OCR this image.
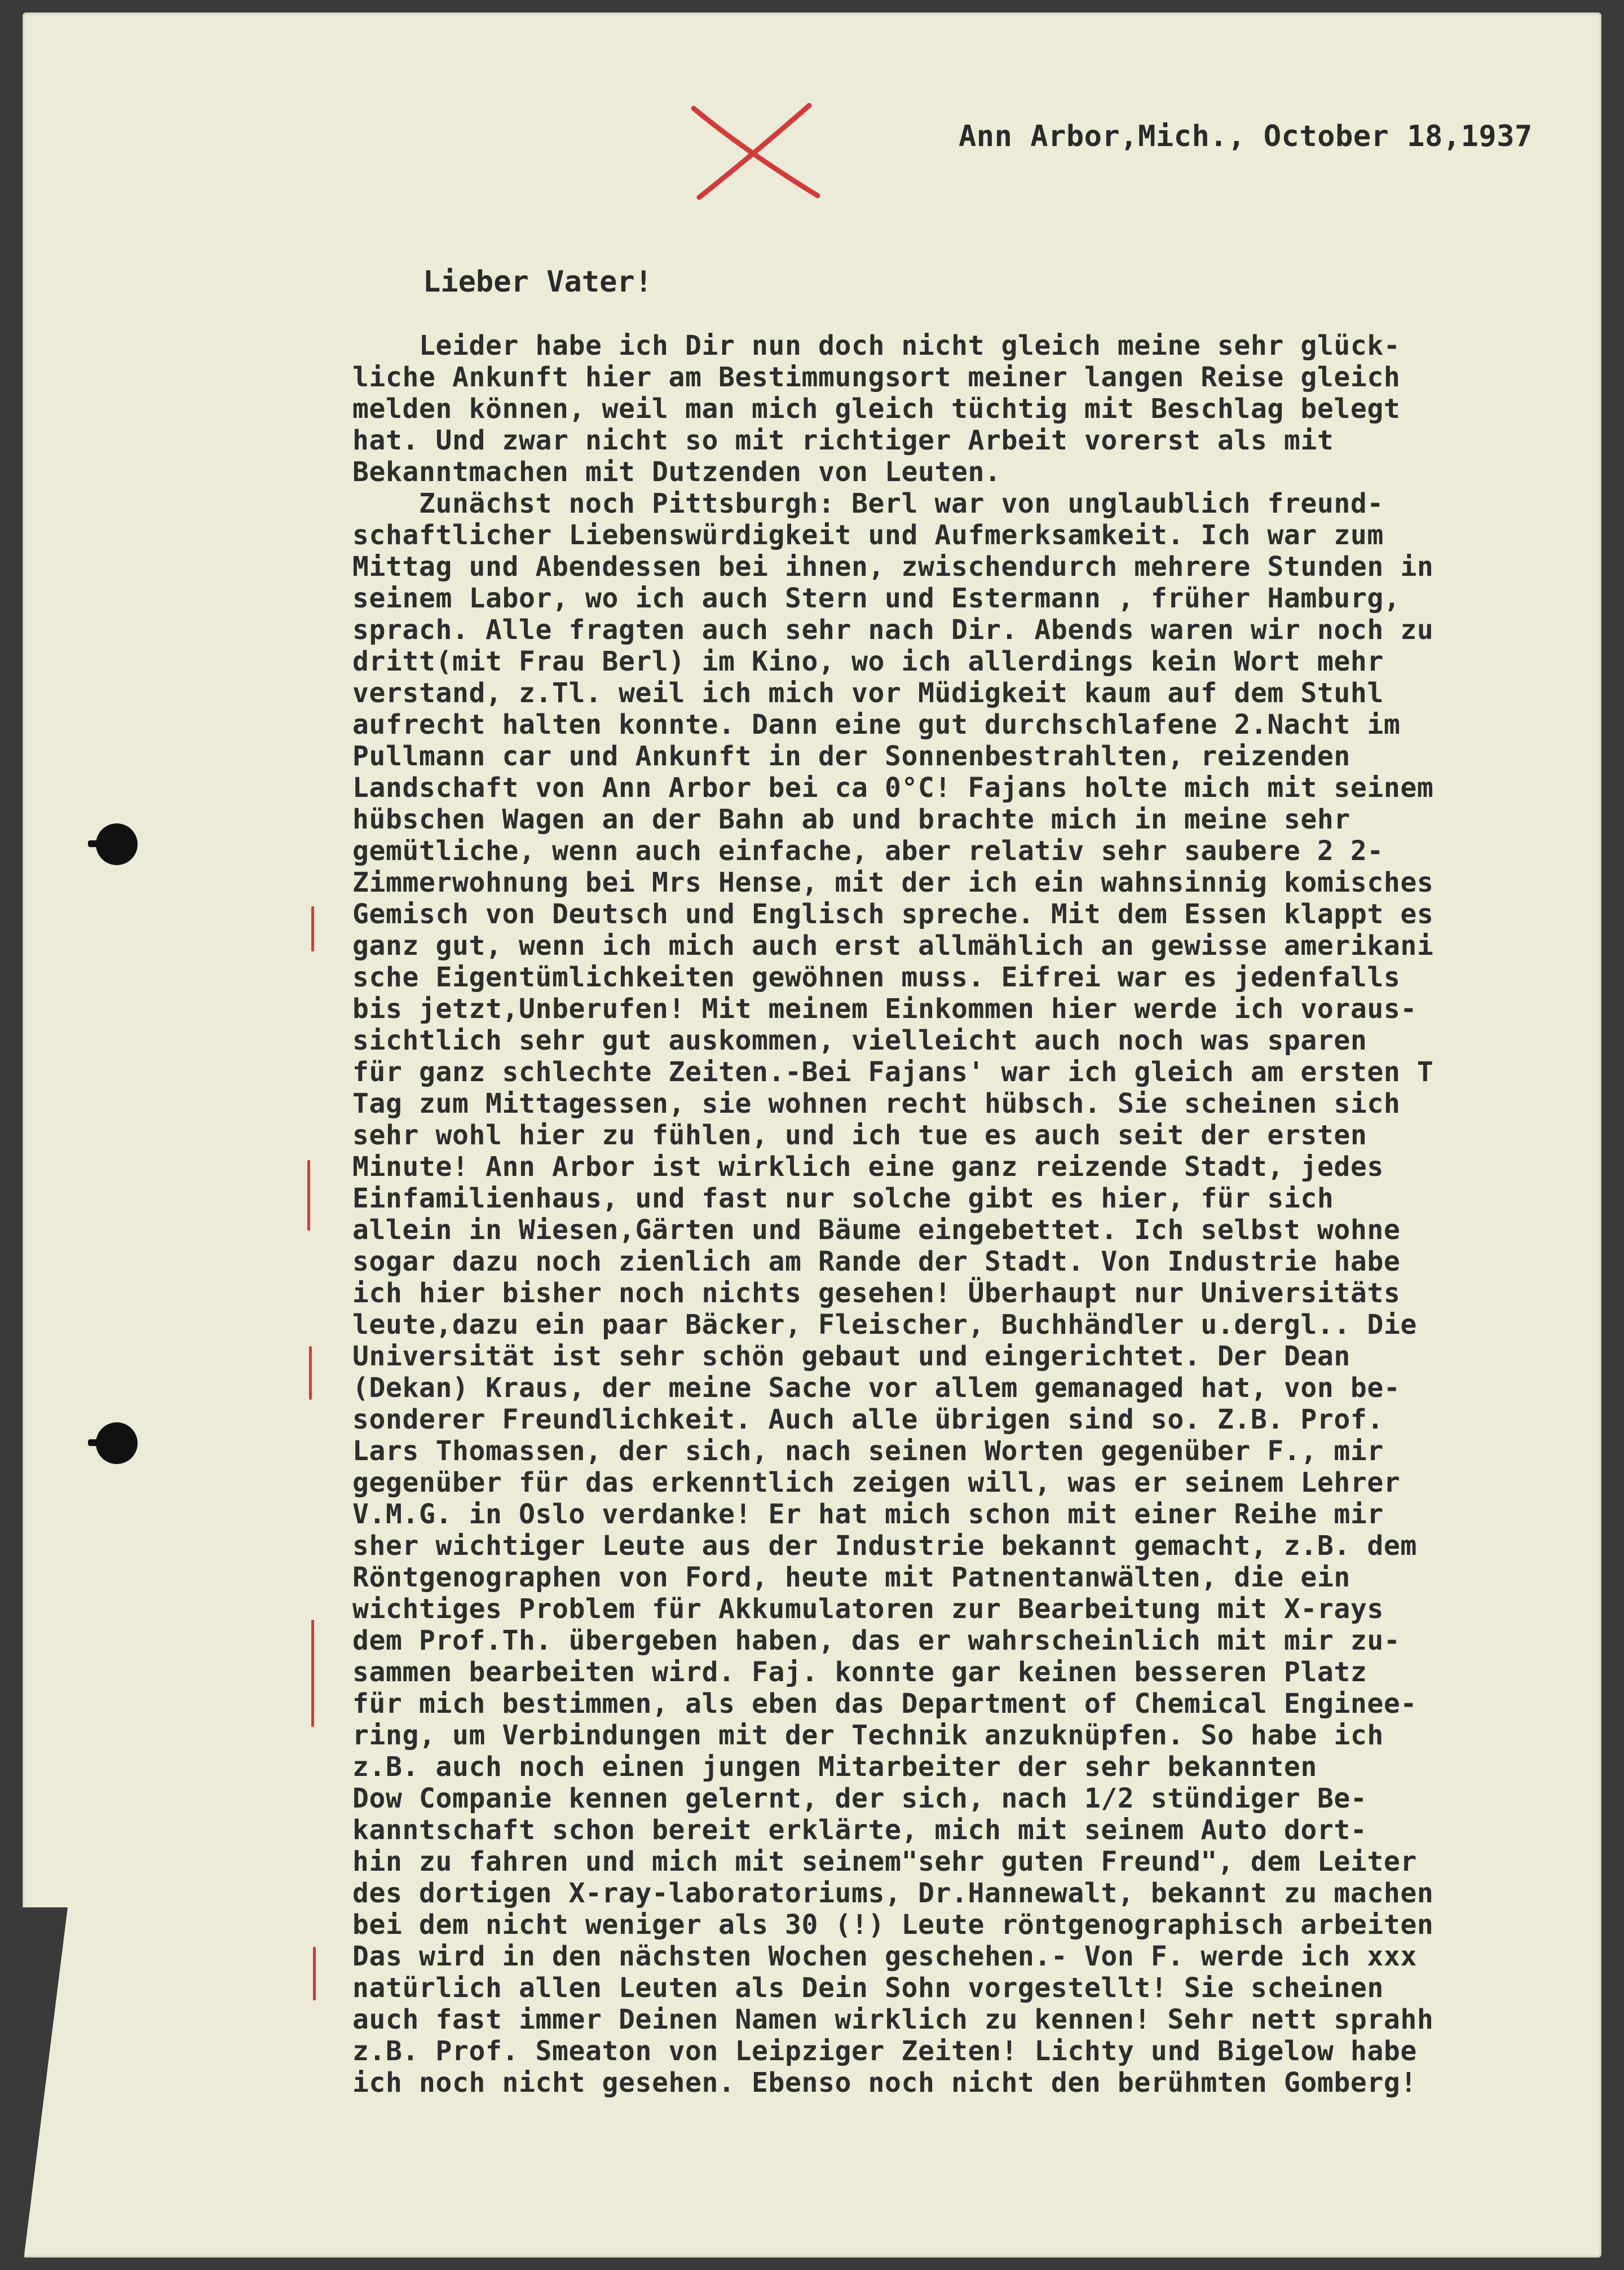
Ann Arbor,Mich., October 18,1937
Lieber Vater!
Leider habe ich Dir nun doch nicht gleich meine sehr glück-
liche Ankunft hier am Bestimmungsort meiner langen Reise gleich
melden können, weil man mich gleich tüchtig mit Beschlag belegt
hat. Und zwar nicht so mit richtiger Arbeit vorerst als mit
Bekanntmachen mit Dutzenden von Leuten.
Zunächst noch Pittsburgh: Berl war von unglaublich freund-
schaftlicher Liebenswürdigkeit und Aufmerksamkeit. Ich war zum
Mittag und Abendessen bei ihnen, zwischendurch mehrere Stunden in
seinem Labor, wo ich auch Stern und Estermann , früher Hamburg,
sprach. Alle fragten auch sehr nach Dir. Abends waren wir noch zu
dritt(mit Frau Berl) im Kino, wo ich allerdings kein Wort mehr
verstand, z.Tl. weil ich mich vor Müdigkeit kaum auf dem Stuhl
aufrecht halten konnte. Dann eine gut durchschlafene 2.Nacht im
Pullmann car und Ankunft in der Sonnenbestrahlten, reizenden
Landschaft von Ann Arbor bei ca 0°C! Fajans holte mich mit seinem
hübschen Wagen an der Bahn ab und brachte mich in meine sehr
gemütliche, wenn auch einfache, aber relativ sehr saubere 2 2-
Zimmerwohnung bei Mrs Hense, mit der ich ein wahnsinnig komisches
Gemisch von Deutsch und Englisch spreche. Mit dem Essen klappt es
ganz gut, wenn ich mich auch erst allmählich an gewisse amerikani
sche Eigentümlichkeiten gewöhnen muss. Eifrei war es jedenfalls
bis jetzt,Unberufen! Mit meinem Einkommen hier werde ich voraus-
sichtlich sehr gut auskommen, vielleicht auch noch was sparen
für ganz schlechte Zeiten.-Bei Fajans' war ich gleich am ersten T
Tag zum Mittagessen, sie wohnen recht hübsch. Sie scheinen sich
sehr wohl hier zu fühlen, und ich tue es auch seit der ersten
Minute! Ann Arbor ist wirklich eine ganz reizende Stadt, jedes
Einfamilienhaus, und fast nur solche gibt es hier, für sich
allein in Wiesen,Gärten und Bäume eingebettet. Ich selbst wohne
sogar dazu noch zienlich am Rande der Stadt. Von Industrie habe
ich hier bisher noch nichts gesehen! Überhaupt nur Universitäts
leute,dazu ein paar Bäcker, Fleischer, Buchhändler u.dergl.. Die
Universität ist sehr schön gebaut und eingerichtet. Der Dean
(Dekan) Kraus, der meine Sache vor allem gemanaged hat, von be-
sonderer Freundlichkeit. Auch alle übrigen sind so. Z.B. Prof.
Lars Thomassen, der sich, nach seinen Worten gegenüber F., mir
gegenüber für das erkenntlich zeigen will, was er seinem Lehrer
V.M.G. in Oslo verdanke! Er hat mich schon mit einer Reihe mir
sher wichtiger Leute aus der Industrie bekannt gemacht, z.B. dem
Röntgenographen von Ford, heute mit Patnentanwälten, die ein
wichtiges Problem für Akkumulatoren zur Bearbeitung mit X-rays
dem Prof.Th. übergeben haben, das er wahrscheinlich mit mir zu-
sammen bearbeiten wird. Faj. konnte gar keinen besseren Platz
für mich bestimmen, als eben das Department of Chemical Enginee-
ring, um Verbindungen mit der Technik anzuknüpfen. So habe ich
z.B. auch noch einen jungen Mitarbeiter der sehr bekannten
Dow Companie kennen gelernt, der sich, nach 1/2 stündiger Be-
kanntschaft schon bereit erklärte, mich mit seinem Auto dort-
hin zu fahren und mich mit seinem"sehr guten Freund", dem Leiter
des dortigen X-ray-laboratoriums, Dr.Hannewalt, bekannt zu machen
bei dem nicht weniger als 30 (!) Leute röntgenographisch arbeiten
Das wird in den nächsten Wochen geschehen.- Von F. werde ich xxx
natürlich allen Leuten als Dein Sohn vorgestellt! Sie scheinen
auch fast immer Deinen Namen wirklich zu kennen! Sehr nett sprahh
z.B. Prof. Smeaton von Leipziger Zeiten! Lichty und Bigelow habe
ich noch nicht gesehen. Ebenso noch nicht den berühmten Gomberg!
